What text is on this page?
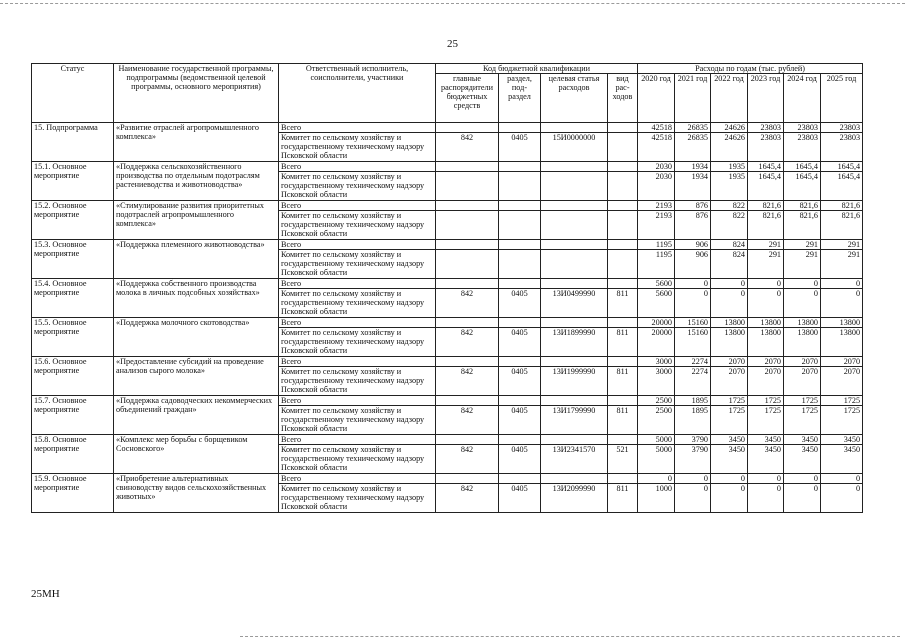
25
Статус	Наименование государственной программы, подпрограммы (ведомственной целевой программы, основного мероприятия)	Ответственный исполнитель, соисполнители, участники	Код бюджетной квалификации				Расходы по годам (тыс. рублей)					
			главные распорядители бюджетных средств	раздел, под-раздел	целевая статья расходов	вид рас-ходов	2020 год	2021 год	2022 год	2023 год	2024 год	2025 год
15. Подпрограмма	«Развитие отраслей агропромышленного комплекса»	Всего					42518	26835	24626	23803	23803	23803
		Комитет по сельскому хозяйству и государственному техническому надзору Псковской области	842	0405	15И0000000		42518	26835	24626	23803	23803	23803
15.1. Основное мероприятие	«Поддержка сельскохозяйственного производства по отдельным подотраслям растениеводства и животноводства»	Всего					2030	1934	1935	1645,4	1645,4	1645,4
		Комитет по сельскому хозяйству и государственному техническому надзору Псковской области					2030	1934	1935	1645,4	1645,4	1645,4
15.2. Основное мероприятие	«Стимулирование развития приоритетных подотраслей агропромышленного комплекса»	Всего					2193	876	822	821,6	821,6	821,6
		Комитет по сельскому хозяйству и государственному техническому надзору Псковской области					2193	876	822	821,6	821,6	821,6
15.3. Основное мероприятие	«Поддержка племенного животноводства»	Всего					1195	906	824	291	291	291
		Комитет по сельскому хозяйству и государственному техническому надзору Псковской области					1195	906	824	291	291	291
15.4. Основное мероприятие	«Поддержка собственного производства молока в личных подсобных хозяйствах»	Всего					5600	0	0	0	0	0
		Комитет по сельскому хозяйству и государственному техническому надзору Псковской области	842	0405	13И0499990	811	5600	0	0	0	0	0
15.5. Основное мероприятие	«Поддержка молочного скотоводства»	Всего					20000	15160	13800	13800	13800	13800
		Комитет по сельскому хозяйству и государственному техническому надзору Псковской области	842	0405	13И1899990	811	20000	15160	13800	13800	13800	13800
15.6. Основное мероприятие	«Предоставление субсидий на проведение анализов сырого молока»	Всего					3000	2274	2070	2070	2070	2070
		Комитет по сельскому хозяйству и государственному техническому надзору Псковской области	842	0405	13И1999990	811	3000	2274	2070	2070	2070	2070
15.7. Основное мероприятие	«Поддержка садоводческих некоммерческих объединений граждан»	Всего					2500	1895	1725	1725	1725	1725
		Комитет по сельскому хозяйству и государственному техническому надзору Псковской области	842	0405	13И1799990	811	2500	1895	1725	1725	1725	1725
15.8. Основное мероприятие	«Комплекс мер борьбы с борщевиком Сосновского»	Всего					5000	3790	3450	3450	3450	3450
		Комитет по сельскому хозяйству и государственному техническому надзору Псковской области	842	0405	13И2341570	521	5000	3790	3450	3450	3450	3450
15.9. Основное мероприятие	«Приобретение альтернативных свиноводству видов сельскохозяйственных животных»	Всего					0	0	0	0	0	0
		Комитет по сельскому хозяйству и государственному техническому надзору Псковской области	842	0405	13И2099990	811	1000	0	0	0	0	0
25МН
